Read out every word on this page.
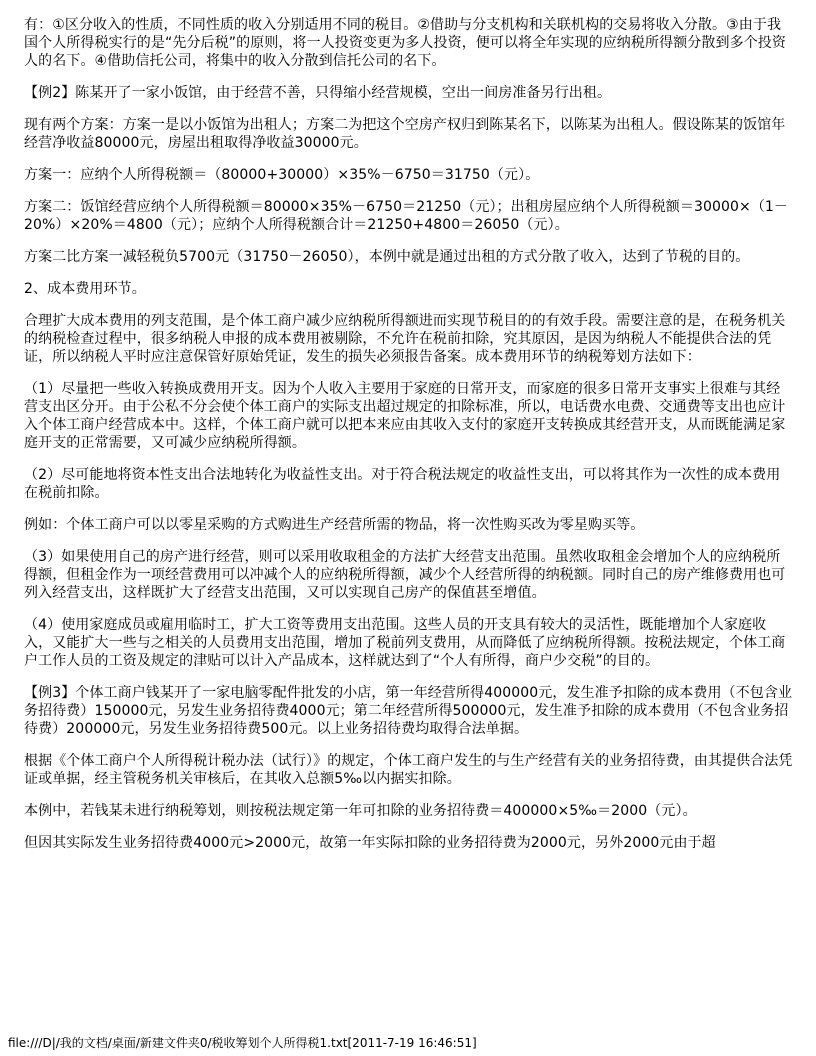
有：①区分收入的性质，不同性质的收入分别适用不同的税目。②借助与分支机构和关联机构的交易将收入分散。③由于我国个人所得税实行的是“先分后税”的原则，将一人投资变更为多人投资，便可以将全年实现的应纳税所得额分散到多个投资人的名下。④借助信托公司，将集中的收入分散到信托公司的名下。

【例2】陈某开了一家小饭馆，由于经营不善，只得缩小经营规模，空出一间房准备另行出租。

现有两个方案：方案一是以小饭馆为出租人；方案二为把这个空房产权归到陈某名下，以陈某为出租人。假设陈某的饭馆年经营净收益80000元，房屋出租取得净收益30000元。

方案一：应纳个人所得税额＝（80000+30000）×35%－6750＝31750（元）。

方案二：饭馆经营应纳个人所得税额＝80000×35%－6750＝21250（元）；出租房屋应纳个人所得税额＝30000×（1－20%）×20%＝4800（元）；应纳个人所得税额合计＝21250+4800＝26050（元）。

方案二比方案一减轻税负5700元（31750－26050），本例中就是通过出租的方式分散了收入，达到了节税的目的。

2、成本费用环节。

合理扩大成本费用的列支范围，是个体工商户减少应纳税所得额进而实现节税目的的有效手段。需要注意的是，在税务机关的纳税检查过程中，很多纳税人申报的成本费用被剔除，不允许在税前扣除，究其原因，是因为纳税人不能提供合法的凭证，所以纳税人平时应注意保管好原始凭证，发生的损失必须报告备案。成本费用环节的纳税筹划方法如下：

（1）尽量把一些收入转换成费用开支。因为个人收入主要用于家庭的日常开支，而家庭的很多日常开支事实上很难与其经营支出区分开。由于公私不分会使个体工商户的实际支出超过规定的扣除标准，所以，电话费水电费、交通费等支出也应计入个体工商户经营成本中。这样，个体工商户就可以把本来应由其收入支付的家庭开支转换成其经营开支，从而既能满足家庭开支的正常需要，又可减少应纳税所得额。

（2）尽可能地将资本性支出合法地转化为收益性支出。对于符合税法规定的收益性支出，可以将其作为一次性的成本费用在税前扣除。

例如：个体工商户可以以零星采购的方式购进生产经营所需的物品，将一次性购买改为零星购买等。

（3）如果使用自己的房产进行经营，则可以采用收取租金的方法扩大经营支出范围。虽然收取租金会增加个人的应纳税所得额，但租金作为一项经营费用可以冲减个人的应纳税所得额，减少个人经营所得的纳税额。同时自己的房产维修费用也可列入经营支出，这样既扩大了经营支出范围，又可以实现自己房产的保值甚至增值。

（4）使用家庭成员或雇用临时工，扩大工资等费用支出范围。这些人员的开支具有较大的灵活性，既能增加个人家庭收入，又能扩大一些与之相关的人员费用支出范围，增加了税前列支费用，从而降低了应纳税所得额。按税法规定，个体工商户工作人员的工资及规定的津贴可以计入产品成本，这样就达到了“个人有所得，商户少交税”的目的。

【例3】个体工商户钱某开了一家电脑零配件批发的小店，第一年经营所得400000元，发生准予扣除的成本费用（不包含业务招待费）150000元，另发生业务招待费4000元；第二年经营所得500000元，发生准予扣除的成本费用（不包含业务招待费）200000元，另发生业务招待费500元。以上业务招待费均取得合法单据。

根据《个体工商户个人所得税计税办法（试行）》的规定，个体工商户发生的与生产经营有关的业务招待费，由其提供合法凭证或单据，经主管税务机关审核后，在其收入总额5‰以内据实扣除。

本例中，若钱某未进行纳税筹划，则按税法规定第一年可扣除的业务招待费＝400000×5‰＝2000（元）。

但因其实际发生业务招待费4000元>2000元，故第一年实际扣除的业务招待费为2000元，另外2000元由于超

file:///D|/我的文档/桌面/新建文件夹0/税收筹划个人所得税1.txt[2011-7-19 16:46:51]
